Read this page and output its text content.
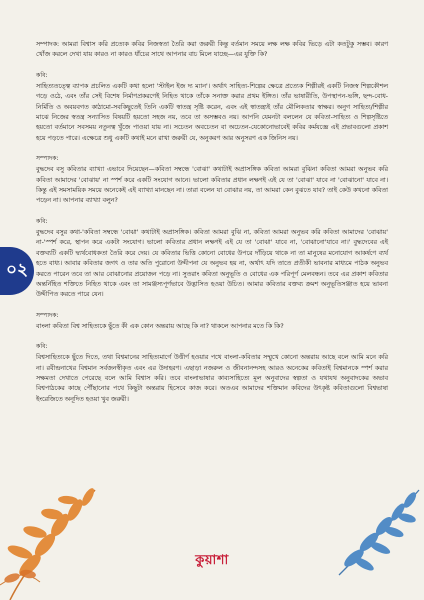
সম্পাদক: আমরা বিশ্বাস করি প্রত্যেক কবির নিজস্বতা তৈরি করা জরুরী কিন্তু বর্তমান সময়ে লক্ষ লক্ষ কবির ভিড়ে এটা কতটুকু সম্ভব। কারণ খোঁজ করলে দেখা যায় কারও না কারও ধাঁচের সাথে আপনার বাচ মিলে যাচ্ছে—এর যুক্তি কি?

কবি:

সাহিত্যতত্ত্বে ব্যাপক প্রচলিত একটি কথা হলো 'স্টাইল ইজ দ্য ম্যান'। অর্থাৎ সাহিত্য-শিল্পের ক্ষেত্রে প্রত্যেক শিল্পীরই একটি নিজস্ব শিল্পকৌশল গড়ে ওঠে, এবং তাঁর সেই বিশেষ নির্মাণপ্রকরণেই নিহিত থাকে তাঁকে সনাক্ত করার প্রথম ইঙ্গিত। তাঁর ভাষারীতি, উপস্থাপন-ভঙ্গি, ছন্দ-বোধ-নির্মিতি ও অবয়বগত কাঠামো-সবকিছুতেই তিনি একটি স্বাতন্ত্র সৃষ্টি করেন, এবং এই স্বাতন্ত্র্যই তাঁর মৌলিকতার স্বাক্ষর। অনুগ সাহিত্য/শিল্পীর মাঝে নিজের স্বতন্ত্র সন্যাসিত বিষয়টি হয়তো সহজ নয়, তবে তা অসম্ভবও নয়। আপনি যেমনটা বললেন যে কবিতা-সাহিত্য ও শিল্পসৃষ্টিতে হয়তো বর্তমানে সবসময় নতুনত্ব খুঁজে পাওয়া যায় না। সচেতন অবচেতন বা অচেতন-যেকোনোভাবেই কবির কর্মযজ্ঞে এই প্রভাবগুলো প্রকাশ হয়ে পড়তে পারে। এক্ষেত্রে শুধু একটি কথাই মনে রাখা জরুরী যে, অনুকরণ আর অনুসরণ এক জিনিস নয়।

সম্পাদক:

বুদ্ধদেব বসু কবিতার ব্যাখ্যা এভাবে দিয়েছেন—কবিতা সম্বন্ধে 'বোঝা' কথাটাই অপ্রাসঙ্গিক কবিতা আমরা বুঝিনা কবিতা আমরা অনুভব করি কবিতা আমাদের 'বোঝায়' না স্পর্শ করে একটি সংযোগ আনে। ভালো কবিতার প্রধান লক্ষণই এই যে তা 'বোঝা' যাবে না 'বোঝানো' যাবে না। কিন্তু এই সমসাময়িক সময়ে অনেকেই এই ব্যাখ্যা মানছেন না। তারা বলেন যা বোঝার নয়, তা আমরা কেন বুঝতে যাব? তাই কেউ কখনো কবিতা পড়েন না। আপনার ব্যাখ্যা বলুন?

কবি:

বুদ্ধদেব বসুর কথা-'কবিতা সম্বন্ধে 'বোঝা' কথাটাই অপ্রাসঙ্গিক। কবিতা আমরা বুঝি না, কবিতা আমরা অনুভব করি কবিতা আমাদের 'বোঝায়' না-'স্পর্শ করে, স্থাপন করে একটা সংযোগ। ভালো কবিতার প্রধান লক্ষণই এই যে তা 'বোঝা' যাবে না, 'বোঝানো'যাবে না।' বুদ্ধদেবের এই বক্তব্যটি একটি দ্ব্যর্থবোধকতা তৈরি করে দেয়। যে কবিতার ভিত্তি কোনো বোধের উপরে দাঁড়িয়ে থাকে না তা মানুষের মনোযোগ আকর্ষণে ব্যর্থ হতে বাধ্য। আবার কবিতার জগৎ ও তার অতি পুরোনো উদ্দীপনা যে অনুভব হয় না, অর্থাৎ যদি তাতে প্রতীকী ভাবনার মাধ্যমে পাঠক অনুভব করতে পারেন তবে তা আর বোঝানোর প্রয়োজন পড়ে না। সুতরাং কবিতা অনুভূতি ও বোধের এক পরিপূর্ণ মেলবন্ধন। তবে এর প্রকাশ কবিতার অন্তর্নিহিত শক্তিতে নিহিত থাকে এবং তা সামঞ্জস্যপূর্ণভাবে উদ্ভাসিত হওয়া উচিত। আমার কবিতার বক্তব্য ক্রমশ অনুভূতিসঞ্জাত হয়ে ভাবনা উদ্দীপিত করতে পারে যেন।

সম্পাদক:

বাংলা কবিতা বিশ্ব সাহিত্যকে ছুঁতে কী এক কোন অন্তরায় আছে কি না? থাকলে আপনার মতে কি কি?

কবি:

বিশ্বসাহিত্যকে ছুঁতে দিতে, তথা বিশ্বমানের সাহিত্যমার্গে উত্তীর্ণ হওয়ার পথে বাংলা-কবিতার সম্মুখে কোনো অন্তরায় আছে বলে আমি মনে করি না। রবীন্দ্রনাথের বিশ্বমান সর্বজনস্বীকৃত এবং এর উদাহরণ। এছাড়া নজরুল ও জীবনানন্দসহ আরও অনেকের কবিতাই বিশ্বমানকে স্পর্শ করার সক্ষমতা দেখাতে পেরেছে বলে আমি বিশ্বাস করি। তবে বাংলাভাষার কাব্যসাহিত্যে মূল অনুবাদের স্বল্পতা ও যথাযথ অনুবাদকের অভাব বিশ্বপাঠকের কাছে পৌঁছানোর পথে কিছুটা অন্তরায় হিসেবে কাজ করে। অতএব আমাদের শক্তিমান কবিদের উৎকৃষ্ট কবিতাগুলো বিশ্বভাষা ইংরেজিতে অনূদিত হওয়া খুব জরুরী।

০২
কুয়াশা
